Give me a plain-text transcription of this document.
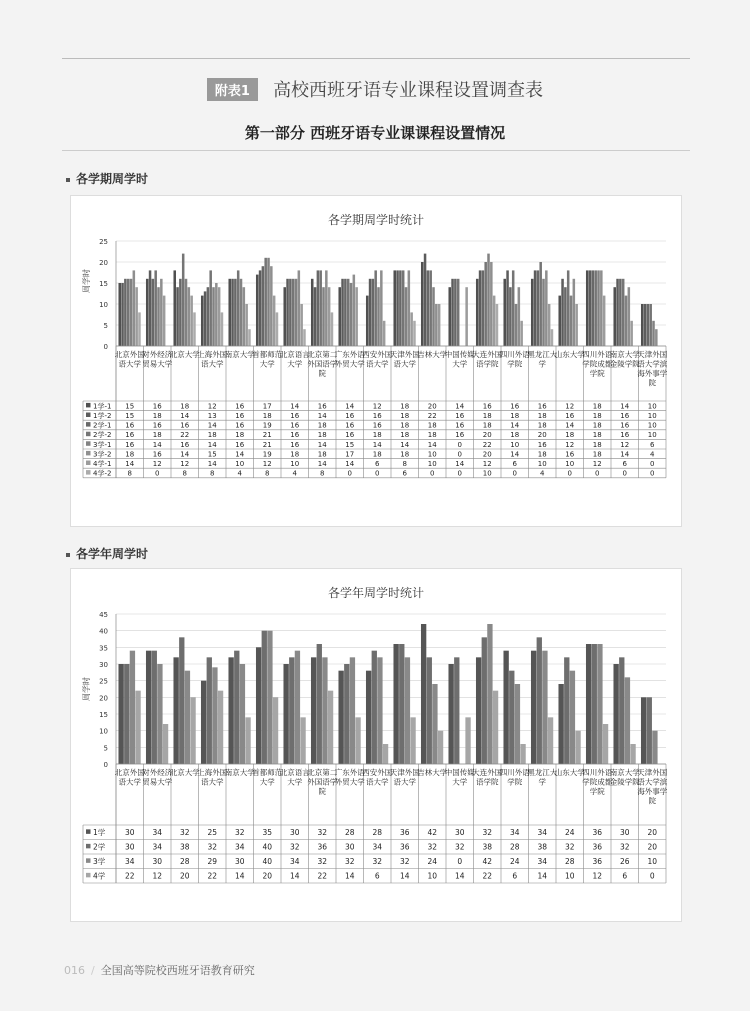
附表1 高校西班牙语专业课程设置调查表
第一部分 西班牙语专业课课程设置情况
各学期周学时
各学期周学时统计
周学时
0
5
10
15
20
25
北京外国
语大学
对外经济
贸易大学
北京大学
上海外国
语大学
南京大学
首都师范
大学
北京语言
大学
北京第二
外国语学
院
广东外语
外贸大学
西安外国
语大学
天津外国
语大学
吉林大学
中国传媒
大学
大连外国
语学院
四川外语
学院
黑龙江大
学
山东大学
四川外语
学院成都
学院
南京大学
金陵学院
天津外国
语大学滨
海外事学
院
1学-1 15	16	18	12	16	17	14	16	14	12	18	20	14	16	16	16	12	18	14	10
1学-2 15	18	14	13	16	18	16	14	16	16	18	22	16	18	18	18	16	18	16	10
2学-1 16	16	16	14	16	19	16	18	16	16	18	18	16	18	14	18	14	18	16	10
2学-2 16	18	22	18	18	21	16	18	16	18	18	18	16	20	18	20	18	18	16	10
3学-1 16	14	16	14	16	21	16	14	15	14	14	14	0	22	10	16	12	18	12	6
3学-2 18	16	14	15	14	19	18	18	17	18	18	10	0	20	14	18	16	18	14	4
4学-1 14	12	12	14	10	12	10	14	14	6	8	10	14	12	6	10	10	12	6	0
4学-2 8	0	8	8	4	8	4	8	0	0	6	0	0	10	0	4	0	0	0	0
各学年周学时
各学年周学时统计
周学时
0
5
10
15
20
25
30
35
40
45
北京外国
语大学
对外经济
贸易大学
北京大学
上海外国
语大学
南京大学
首都师范
大学
北京语言
大学
北京第二
外国语学
院
广东外语
外贸大学
西安外国
语大学
天津外国
语大学
吉林大学
中国传媒
大学
大连外国
语学院
四川外语
学院
黑龙江大
学
山东大学
四川外语
学院成都
学院
南京大学
金陵学院
天津外国
语大学滨
海外事学
院
1学	30 34 32 25 32 35 30 32 28 28 36 42 30 32 34 34 24 36 30 20
2学	30 34 38 32 34 40 32 36 30 34 36 32 32 38 28 38 32 36 32 20
3学	34 30 28 29 30 40 34 32 32 32 32 24	0	42 24 34 28 36 26 10
4学	22 12 20 22 14 20 14 22 14	6	14 10 14 22	6	14 10 12	6	0
016 / 全国高等院校西班牙语教育研究
